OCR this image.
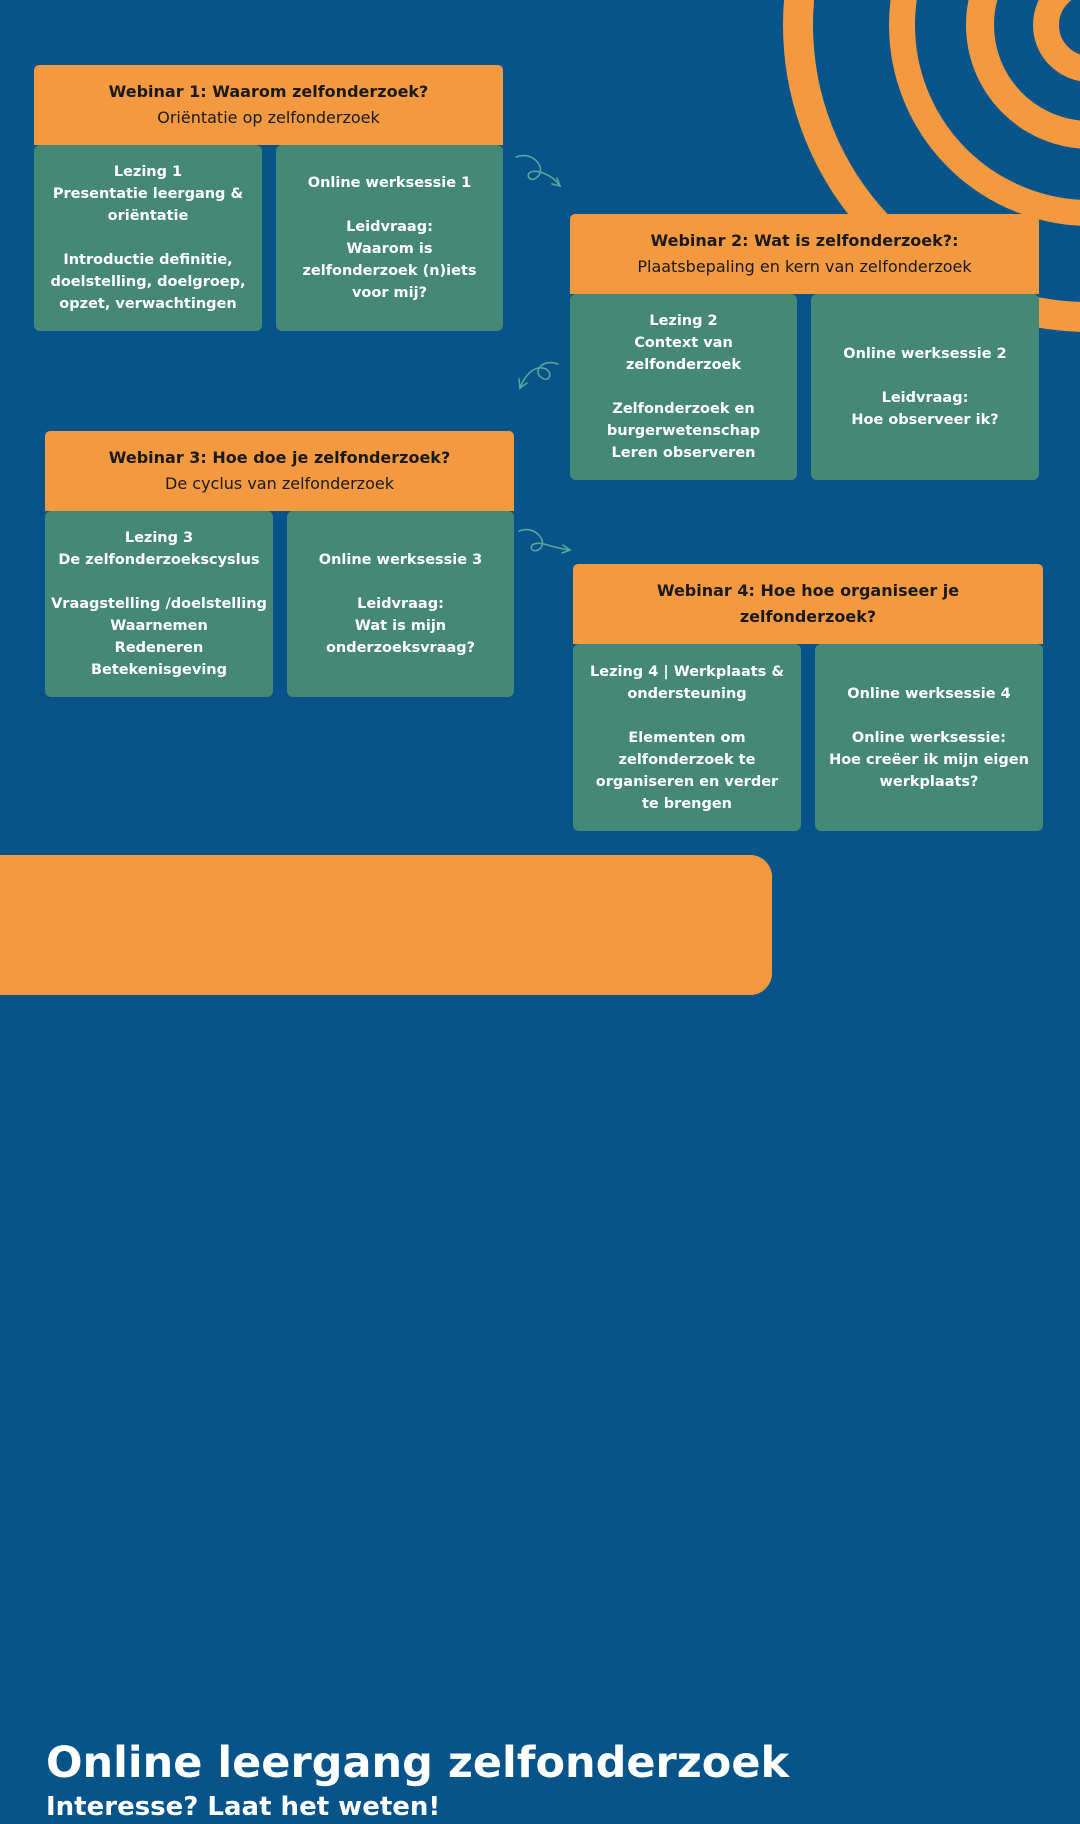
Webinar 1: Waarom zelfonderzoek?
Oriëntatie op zelfonderzoek
Lezing 1
Presentatie leergang &
oriëntatie
Introductie definitie,
doelstelling, doelgroep,
opzet, verwachtingen
Online werksessie 1
Leidvraag:
Waarom is
zelfonderzoek (n)iets
voor mij?
Webinar 2: Wat is zelfonderzoek?:
Plaatsbepaling en kern van zelfonderzoek
Lezing 2
Context van
zelfonderzoek
Zelfonderzoek en
burgerwetenschap
Leren observeren
Online werksessie 2
Leidvraag:
Hoe observeer ik?
Webinar 3: Hoe doe je zelfonderzoek?
De cyclus van zelfonderzoek
Lezing 3
De zelfonderzoekscyslus
Vraagstelling /doelstelling
Waarnemen
Redeneren
Betekenisgeving
Online werksessie 3
Leidvraag:
Wat is mijn
onderzoeksvraag?
Webinar 4: Hoe hoe organiseer je
zelfonderzoek?
Lezing 4 | Werkplaats &
ondersteuning
Elementen om
zelfonderzoek te
organiseren en verder
te brengen
Online werksessie 4
Online werksessie:
Hoe creëer ik mijn eigen
werkplaats?
Online leergang zelfonderzoek
Interesse? Laat het weten!
